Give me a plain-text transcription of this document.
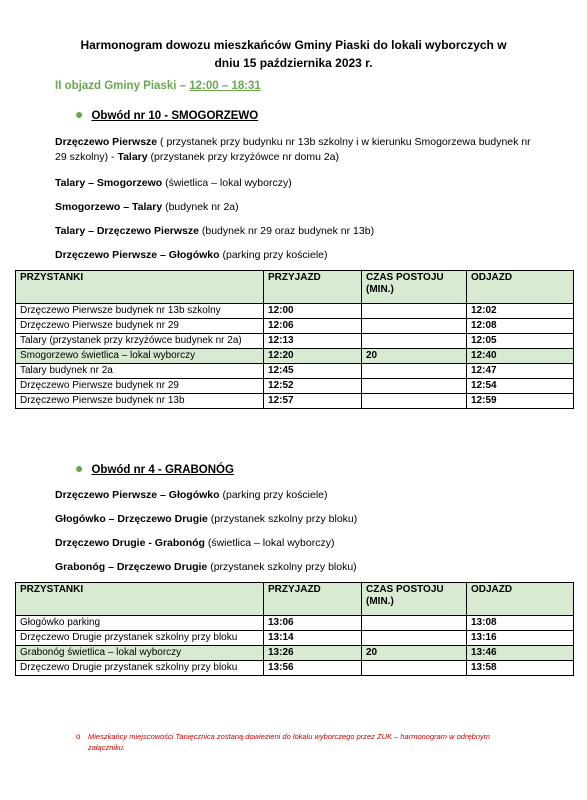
Harmonogram dowozu mieszkańców Gminy Piaski do lokali wyborczych w
dniu 15 października 2023 r.
II objazd Gminy Piaski – 12:00 – 18:31
● Obwód nr 10 - SMOGORZEWO
Drzęczewo Pierwsze ( przystanek przy budynku nr 13b szkolny i w kierunku Smogorzewa budynek nr 29 szkolny) - Talary (przystanek przy krzyżówce nr domu 2a)
Talary – Smogorzewo (świetlica – lokal wyborczy)
Smogorzewo – Talary (budynek nr 2a)
Talary – Drzęczewo Pierwsze (budynek nr 29 oraz budynek nr 13b)
Drzęczewo Pierwsze – Głogówko (parking przy kościele)
PRZYSTANKI	PRZYJAZD	CZAS POSTOJU (MIN.)	ODJAZD
Drzęczewo Pierwsze budynek nr 13b szkolny	12:00		12:02
Drzęczewo Pierwsze budynek nr 29	12:06		12:08
Talary (przystanek przy krzyżówce budynek nr 2a)	12:13		12:05
Smogorzewo świetlica – lokal wyborczy	12:20	20	12:40
Talary budynek nr 2a	12:45		12:47
Drzęczewo Pierwsze budynek nr 29	12:52		12:54
Drzęczewo Pierwsze budynek nr 13b	12:57		12:59
● Obwód nr 4 - GRABONÓG
Drzęczewo Pierwsze – Głogówko (parking przy kościele)
Głogówko – Drzęczewo Drugie (przystanek szkolny przy bloku)
Drzęczewo Drugie - Grabonóg (świetlica – lokal wyborczy)
Grabonóg – Drzęczewo Drugie (przystanek szkolny przy bloku)
PRZYSTANKI	PRZYJAZD	CZAS POSTOJU (MIN.)	ODJAZD
Głogówko parking	13:06		13:08
Drzęczewo Drugie przystanek szkolny przy bloku	13:14		13:16
Grabonóg świetlica – lokal wyborczy	13:26	20	13:46
Drzęczewo Drugie przystanek szkolny przy bloku	13:56		13:58
o Mieszkańcy miejscowości Tanięcznica zostaną dowiezieni do lokalu wyborczego przez ZUK – harmonogram w odrębnym załączniku.
